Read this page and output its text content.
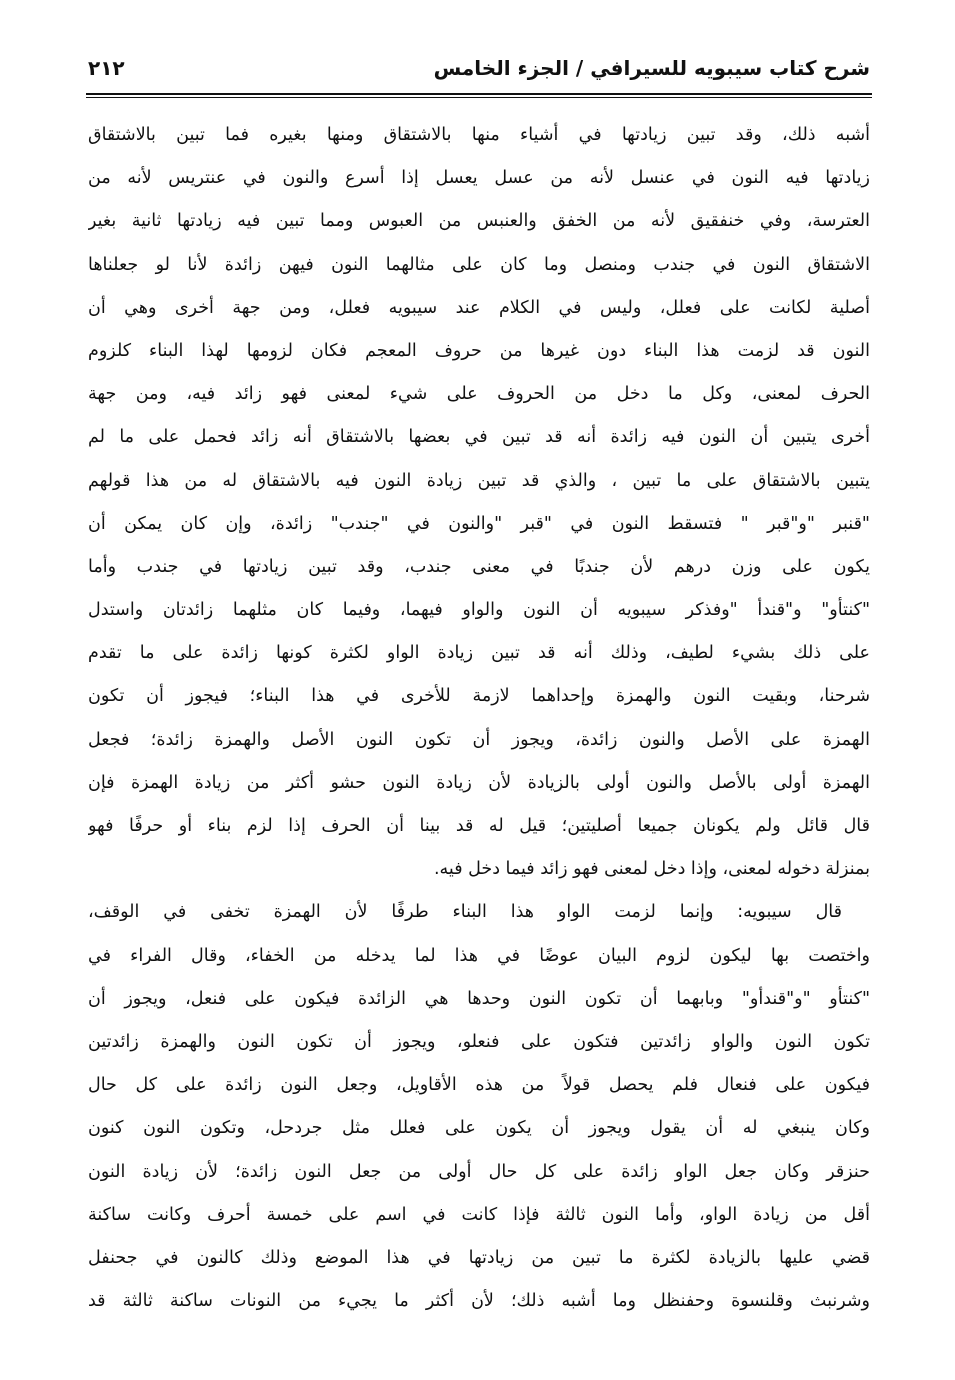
شرح كتاب سيبويه للسيرافي / الجزء الخامس
٢١٢
أشبه ذلك، وقد تبين زيادتها في أشياء منها بالاشتقاق ومنها بغيره فما تبين بالاشتقاق
زيادتها فيه النون في عنسل لأنه من عسل يعسل إذا أسرع والنون في عنتريس لأنه من
العترسة، وفي خنفقيق لأنه من الخفق والعنبس من العبوس ومما تبين فيه زيادتها ثانية بغير
الاشتقاق النون في جندب ومنصل وما كان على مثالهما النون فيهن زائدة لأنا لو جعلناها
أصلية لكانت على فعلل، وليس في الكلام عند سيبويه فعلل، ومن جهة أخرى وهي أن
النون قد لزمت هذا البناء دون غيرها من حروف المعجم فكان لزومها لهذا البناء كلزوم
الحرف لمعنى، وكل ما دخل من الحروف على شيء لمعنى فهو زائد فيه، ومن جهة
أخرى يتبين أن النون فيه زائدة أنه قد تبين في بعضها بالاشتقاق أنه زائد فحمل على ما لم
يتبين بالاشتقاق على ما تبين ، والذي قد تبين زيادة النون فيه بالاشتقاق له من هذا قولهم
"قنبر "و"قبر " فتسقط النون في "قبر "والنون في "جندب" زائدة، وإن كان يمكن أن
يكون على وزن درهم لأن جندبًا في معنى جندب، وقد تبين زيادتها في جندب وأما
"كنتأو" و"قندأ "وفذكر سيبويه أن النون والواو فيهما، وفيما كان مثلهما زائدتان واستدل
على ذلك بشيء لطيف، وذلك أنه قد تبين زيادة الواو لكثرة كونها زائدة على ما تقدم
شرحنا، وبقيت النون والهمزة وإحداهما لازمة للأخرى في هذا البناء؛ فيجوز أن تكون
الهمزة على الأصل والنون زائدة، ويجوز أن تكون النون الأصل والهمزة زائدة؛ فجعل
الهمزة أولى بالأصل والنون أولى بالزيادة لأن زيادة النون حشو أكثر من زيادة الهمزة فإن
قال قائل ولم يكونان جميعا أصليتين؛ قيل له قد بينا أن الحرف إذا لزم بناء أو حرفًا فهو
بمنزلة دخوله لمعنى، وإذا دخل لمعنى فهو زائد فيما دخل فيه.
قال سيبويه: وإنما لزمت الواو هذا البناء طرفًا لأن الهمزة تخفى في الوقف،
واختصت بها ليكون لزوم البيان عوضًا في هذا لما يدخله من الخفاء، وقال الفراء في
"كنتأو "و"قندأو" وبابهما أن تكون النون وحدها هي الزائدة فيكون على فنعل، ويجوز أن
تكون النون والواو زائدتين فتكون على فنعلو، ويجوز أن تكون النون والهمزة زائدتين
فيكون على فنعال فلم يحصل قولاً من هذه الأقاويل، وجعل النون زائدة على كل حال
وكان ينبغي له أن يقول ويجوز أن يكون على فعلل مثل جردحل، وتكون النون كنون
حنزقر وكان جعل الواو زائدة على كل حال أولى من جعل النون زائدة؛ لأن زيادة النون
أقل من زيادة الواو، وأما النون ثالثة فإذا كانت في اسم على خمسة أحرف وكانت ساكنة
قضي عليها بالزيادة لكثرة ما تبين من زيادتها في هذا الموضع وذلك كالنون في جحنفل
وشرنبث وقلنسوة وحفنظل وما أشبه ذلك؛ لأن أكثر ما يجيء من النونات ساكنة ثالثة قد
